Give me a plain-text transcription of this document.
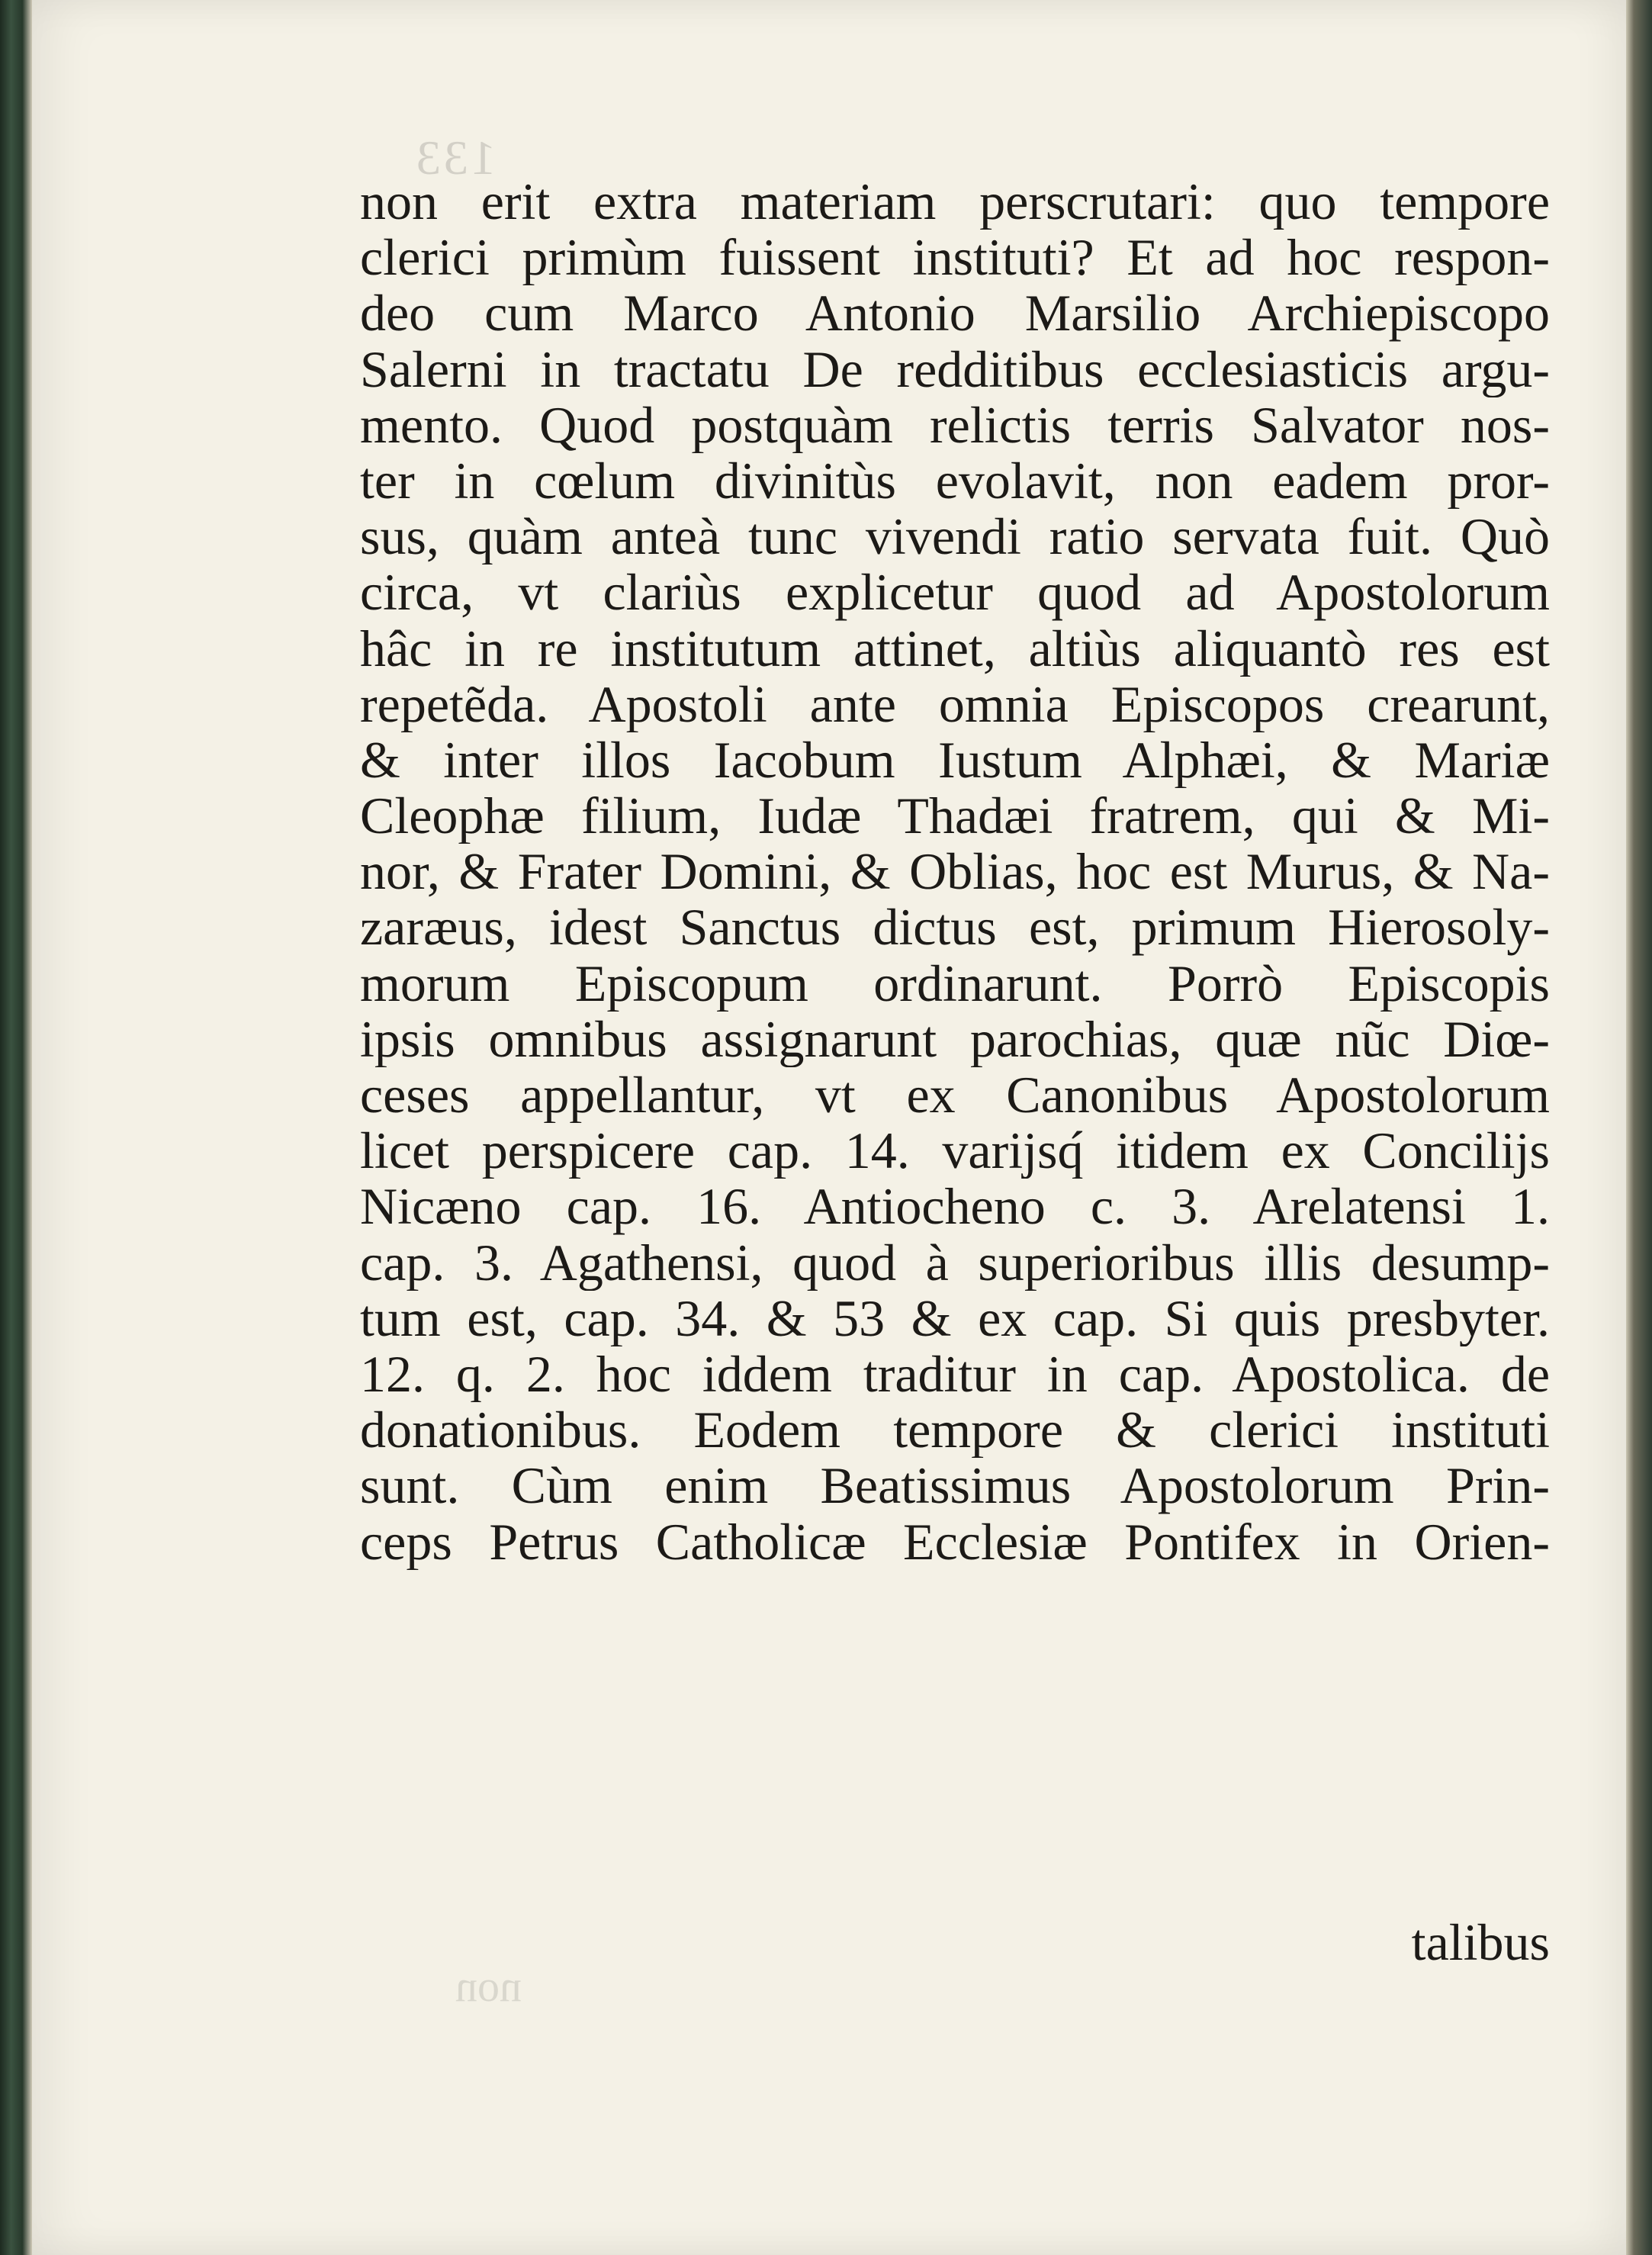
133
non
non erit extra materiam perscrutari: quo tempore
clerici primùm fuissent instituti? Et ad hoc respon-
deo cum Marco Antonio Marsilio Archiepiscopo
Salerni in tractatu De redditibus ecclesiasticis argu-
mento. Quod postquàm relictis terris Salvator nos-
ter in cœlum divinitùs evolavit, non eadem pror-
sus, quàm anteà tunc vivendi ratio servata fuit. Quò
circa, vt clariùs explicetur quod ad Apostolorum
hâc in re institutum attinet, altiùs aliquantò res est
repetẽda. Apostoli ante omnia Episcopos crearunt,
& inter illos Iacobum Iustum Alphæi, & Mariæ
Cleophæ filium, Iudæ Thadæi fratrem, qui & Mi-
nor, & Frater Domini, & Oblias, hoc est Murus, & Na-
zaræus, idest Sanctus dictus est, primum Hierosoly-
morum Episcopum ordinarunt. Porrò Episcopis
ipsis omnibus assignarunt parochias, quæ nũc Diœ-
ceses appellantur, vt ex Canonibus Apostolorum
licet perspicere cap. 14. varijsq́ itidem ex Concilijs
Nicæno cap. 16. Antiocheno c. 3. Arelatensi 1.
cap. 3. Agathensi, quod à superioribus illis desump-
tum est, cap. 34. & 53 & ex cap. Si quis presbyter.
12. q. 2. hoc iddem traditur in cap. Apostolica. de
donationibus. Eodem tempore & clerici instituti
sunt. Cùm enim Beatissimus Apostolorum Prin-
ceps Petrus Catholicæ Ecclesiæ Pontifex in Orien-
talibus
